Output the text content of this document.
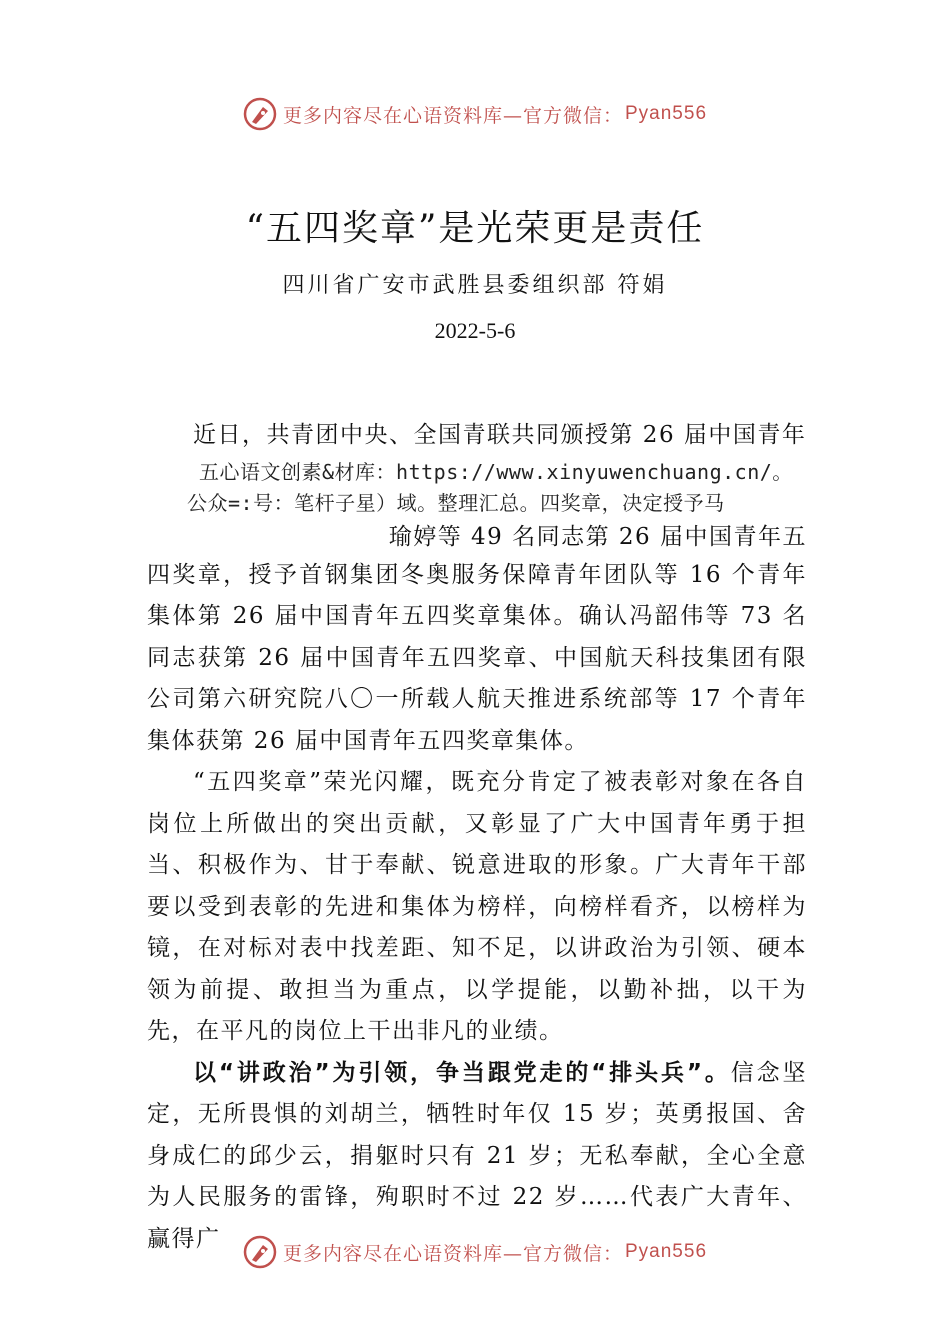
更多内容尽在心语资料库—官方微信： Pyan556
“五四奖章”是光荣更是责任
四川省广安市武胜县委组织部 符娟
2022-5-6

近日，共青团中央、全国青联共同颁授第 26 届中国青年

五心语文创素&材库：https://www.xinyuwenchuang.cn/。

公众=:号：笔杆子星）域。整理汇总。四奖章，决定授予马

瑜婷等 49 名同志第 26 届中国青年五

四奖章，授予首钢集团冬奥服务保障青年团队等 16 个青年集体第 26 届中国青年五四奖章集体。确认冯韶伟等 73 名同志获第 26 届中国青年五四奖章、中国航天科技集团有限公司第六研究院八〇一所载人航天推进系统部等 17 个青年集体获第 26 届中国青年五四奖章集体。

“五四奖章”荣光闪耀，既充分肯定了被表彰对象在各自岗位上所做出的突出贡献，又彰显了广大中国青年勇于担当、积极作为、甘于奉献、锐意进取的形象。广大青年干部要以受到表彰的先进和集体为榜样，向榜样看齐，以榜样为镜，在对标对表中找差距、知不足，以讲政治为引领、硬本领为前提、敢担当为重点，以学提能，以勤补拙，以干为先，在平凡的岗位上干出非凡的业绩。

以“讲政治”为引领，争当跟党走的“排头兵”。信念坚定，无所畏惧的刘胡兰，牺牲时年仅 15 岁；英勇报国、舍身成仁的邱少云，捐躯时只有 21 岁；无私奉献，全心全意为人民服务的雷锋，殉职时不过 22 岁……代表广大青年、赢得广

更多内容尽在心语资料库—官方微信： Pyan556
